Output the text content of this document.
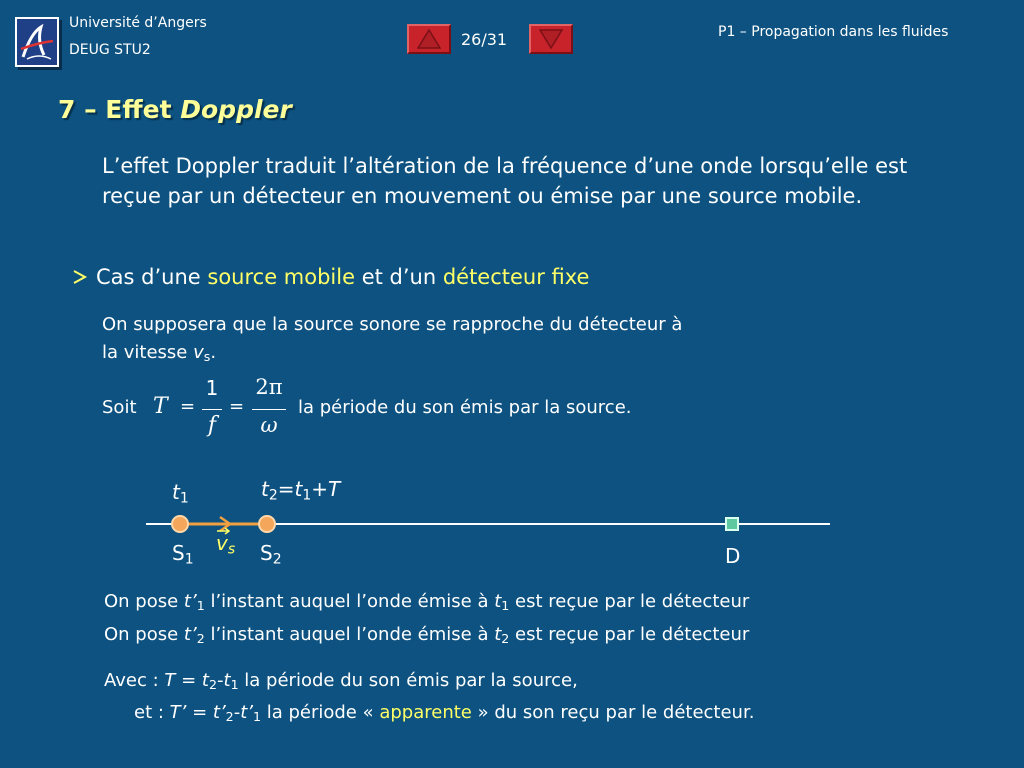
Université d’Angers
DEUG STU2
26/31	P1 – Propagation dans les fluides
7 – Effet Doppler
L’effet Doppler traduit l’altération de la fréquence d’une onde lorsqu’elle est reçue par un détecteur en mouvement ou émise par une source mobile.
Cas d’une source mobile et d’un détecteur fixe
On supposera que la source sonore se rapproche du détecteur à
la vitesse $v_s$.
Soit T =
1
f
=
2π
ω
la période du son émis par la source.
$t_1$	$t_2=t_1+T$
$S_1$
$v_s$ $S_2$	D
On pose $t’_1$ l’instant auquel l’onde émise à $t_1$ est reçue par le détecteur
On pose $t’_2$ l’instant auquel l’onde émise à $t_2$ est reçue par le détecteur
Avec : $T = t_2-t_1$ la période du son émis par la source,
et : T’ = $t’_2-t’_1$ la période « apparente » du son reçu par le détecteur.
